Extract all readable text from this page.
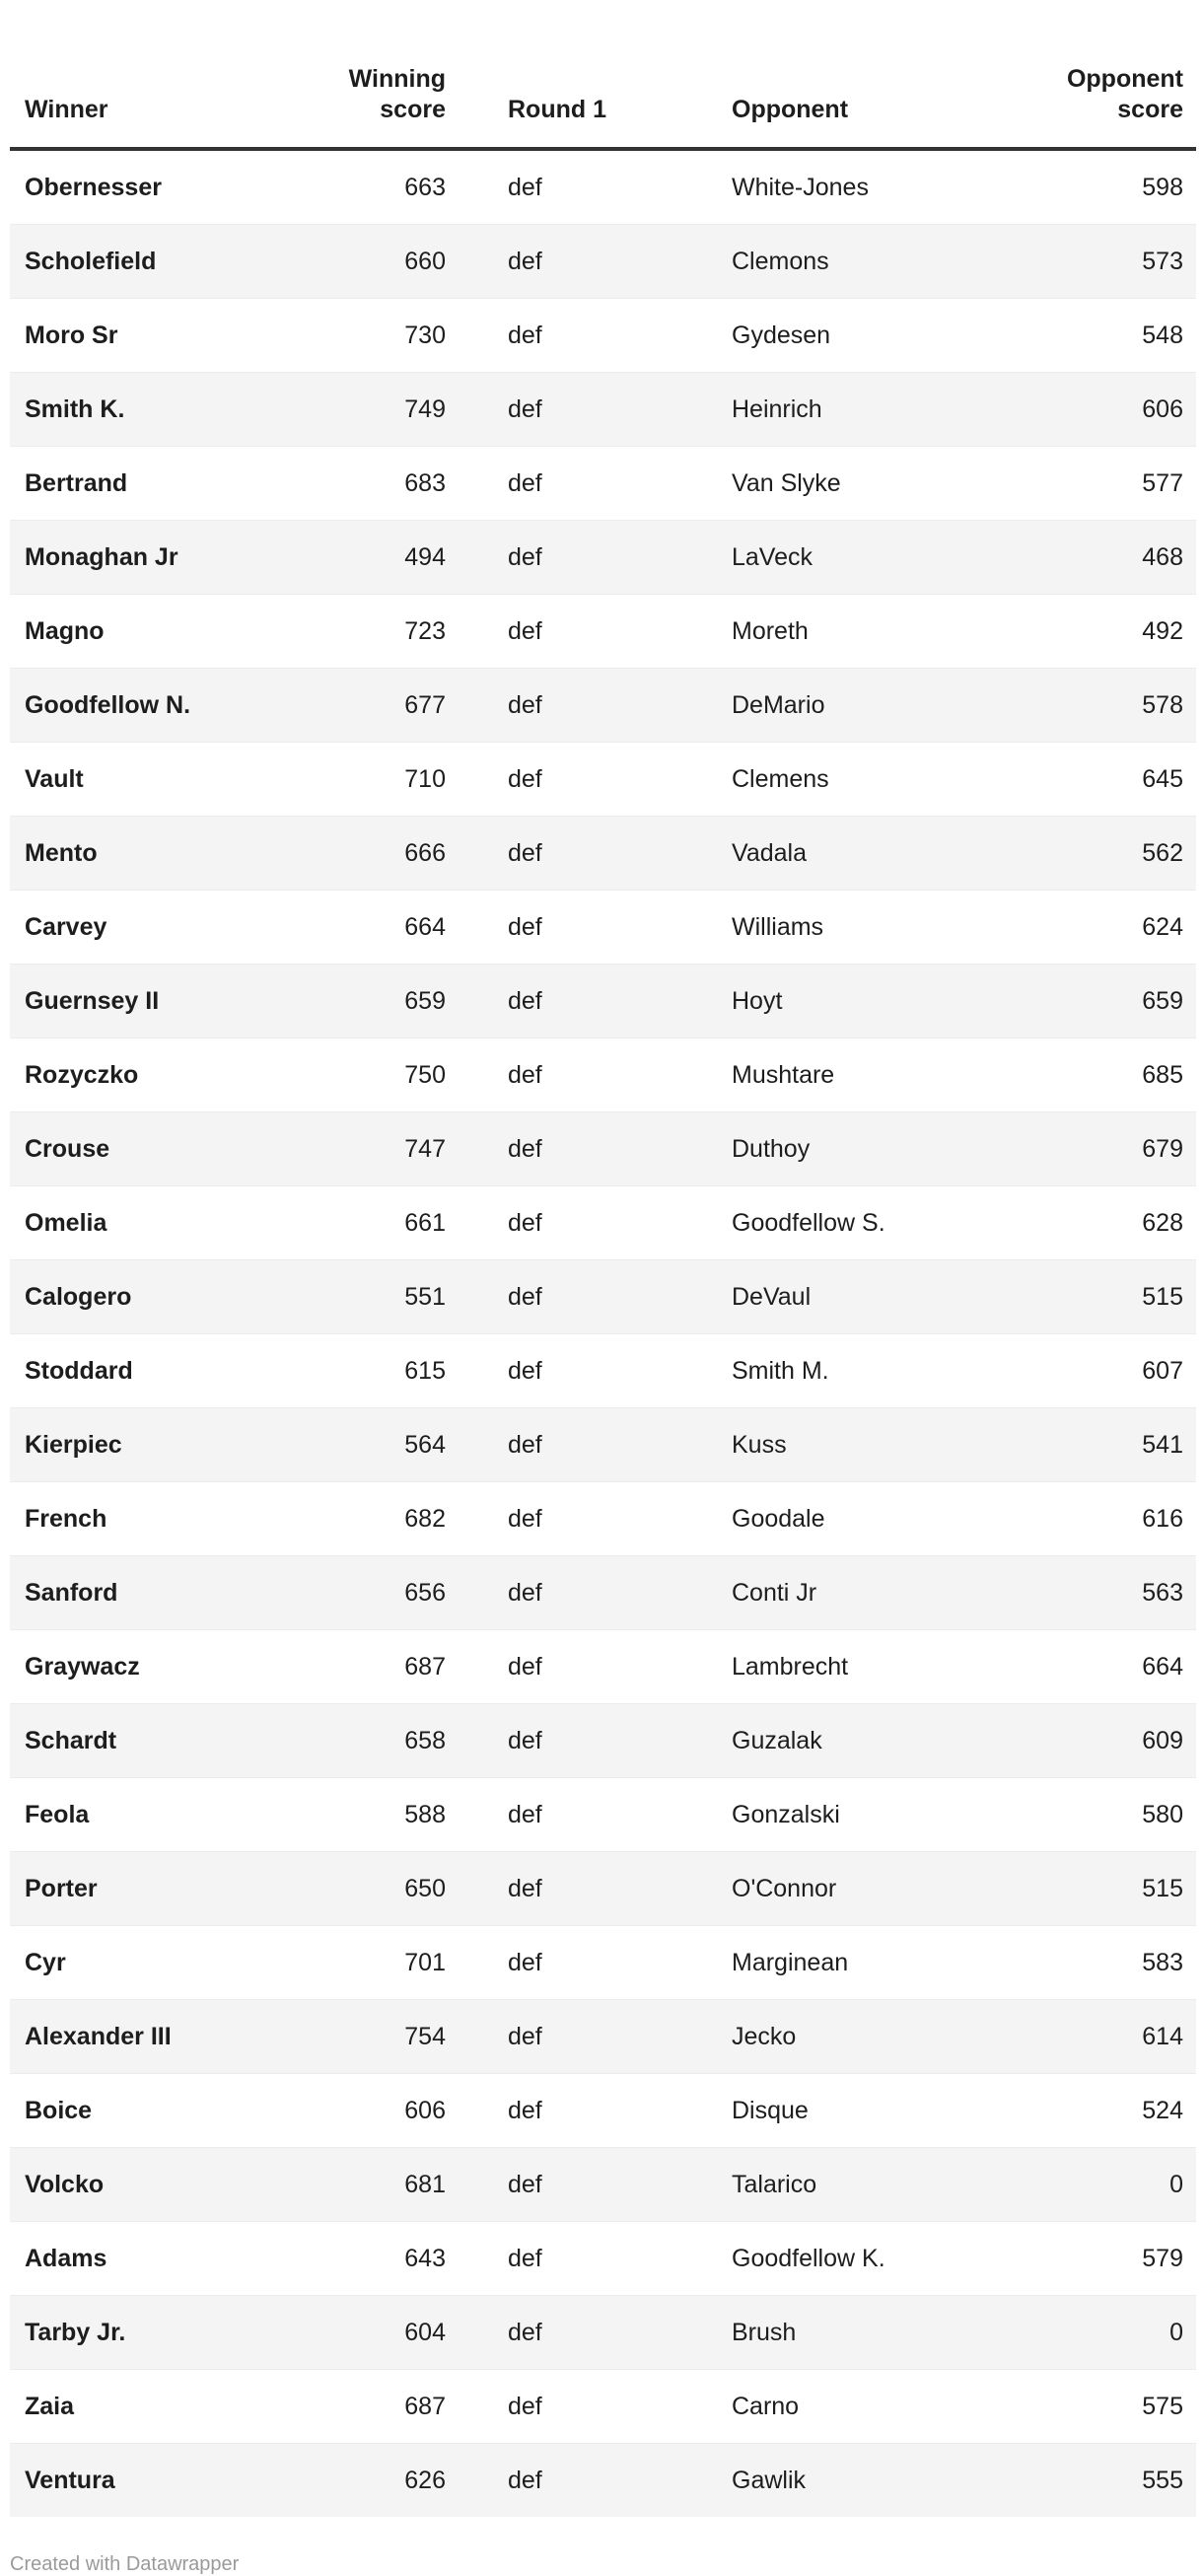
Winner	Winning score	Round 1	Opponent	Opponent score
Obernesser	663	def	White-Jones	598
Scholefield	660	def	Clemons	573
Moro Sr	730	def	Gydesen	548
Smith K.	749	def	Heinrich	606
Bertrand	683	def	Van Slyke	577
Monaghan Jr	494	def	LaVeck	468
Magno	723	def	Moreth	492
Goodfellow N.	677	def	DeMario	578
Vault	710	def	Clemens	645
Mento	666	def	Vadala	562
Carvey	664	def	Williams	624
Guernsey II	659	def	Hoyt	659
Rozyczko	750	def	Mushtare	685
Crouse	747	def	Duthoy	679
Omelia	661	def	Goodfellow S.	628
Calogero	551	def	DeVaul	515
Stoddard	615	def	Smith M.	607
Kierpiec	564	def	Kuss	541
French	682	def	Goodale	616
Sanford	656	def	Conti Jr	563
Graywacz	687	def	Lambrecht	664
Schardt	658	def	Guzalak	609
Feola	588	def	Gonzalski	580
Porter	650	def	O'Connor	515
Cyr	701	def	Marginean	583
Alexander III	754	def	Jecko	614
Boice	606	def	Disque	524
Volcko	681	def	Talarico	0
Adams	643	def	Goodfellow K.	579
Tarby Jr.	604	def	Brush	0
Zaia	687	def	Carno	575
Ventura	626	def	Gawlik	555
Created with Datawrapper
